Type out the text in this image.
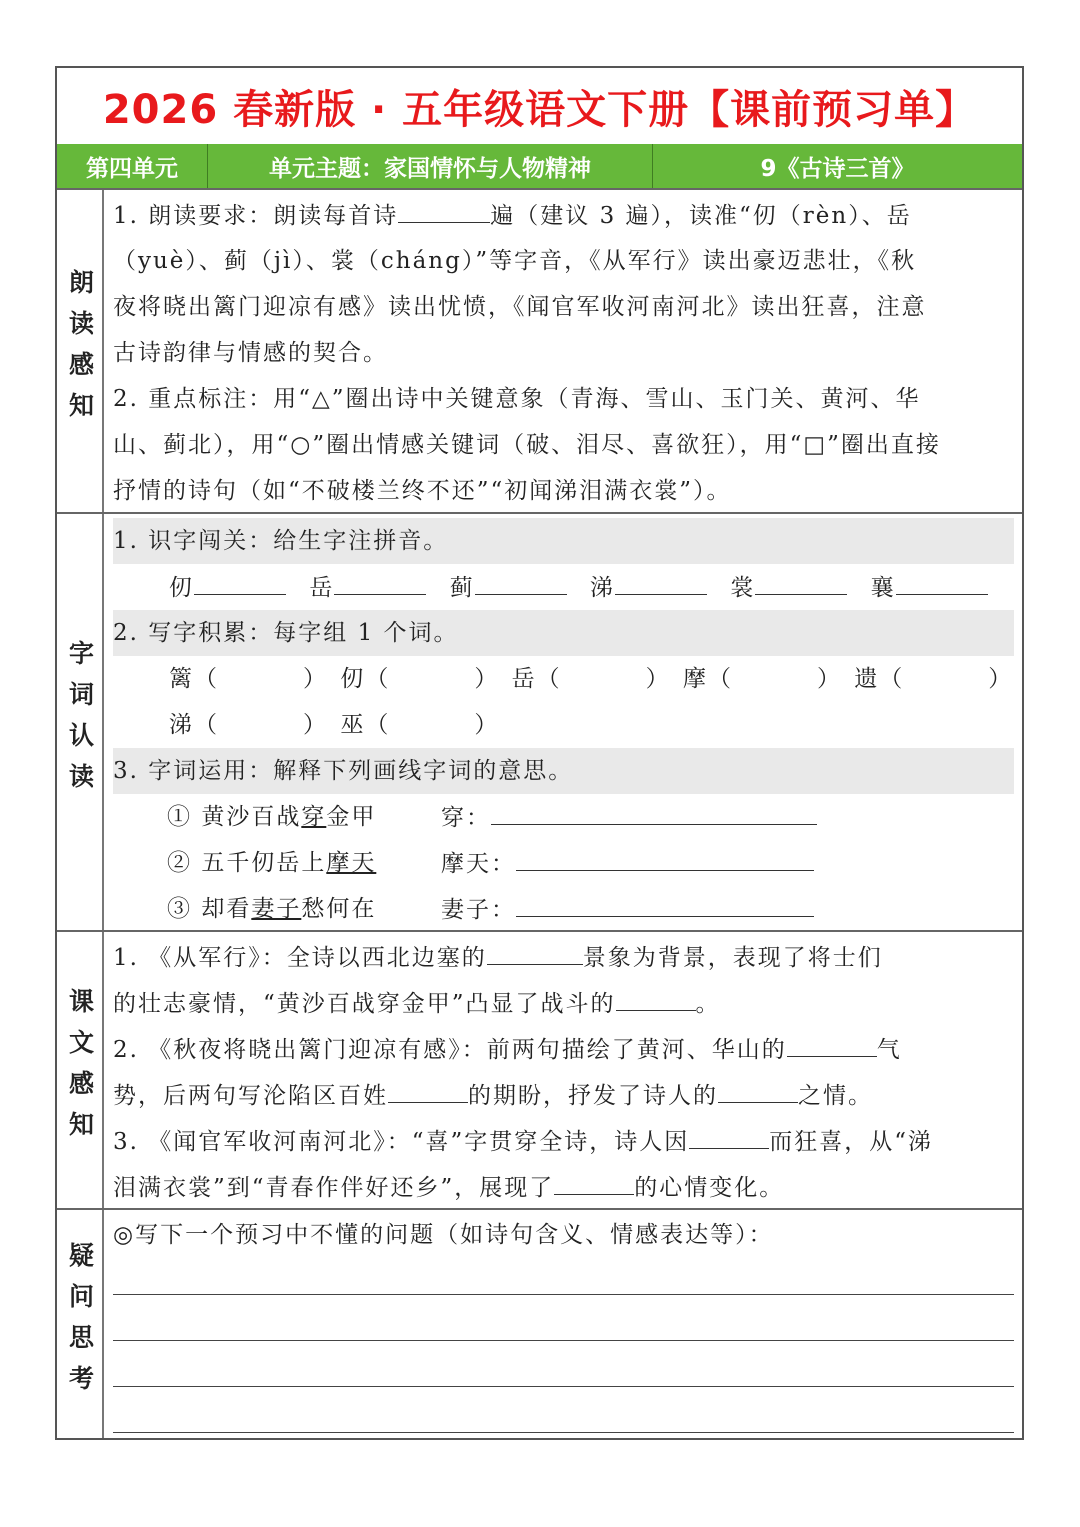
2026 春新版 · 五年级语文下册【课前预习单】
第四单元	单元主题：家国情怀与人物精神	9《古诗三首》
朗读感知
1. 朗读要求：朗读每首诗	遍（建议 3 遍），读准“仞（rèn）、岳
（yuè）、蓟（jì）、裳（cháng）”等字音，《从军行》读出豪迈悲壮，《秋
夜将晓出篱门迎凉有感》读出忧愤，《闻官军收河南河北》读出狂喜，注意
古诗韵律与情感的契合。
2. 重点标注：用“△”圈出诗中关键意象（青海、雪山、玉门关、黄河、华
山、蓟北），用“○”圈出情感关键词（破、泪尽、喜欲狂），用“□”圈出直接
抒情的诗句（如“不破楼兰终不还”“初闻涕泪满衣裳”）。
字词认读
1. 识字闯关：给生字注拼音。
仞	岳	蓟	涕	裳	襄
2. 写字积累：每字组 1 个词。
篱（	） 仞（	） 岳（	） 摩（	） 遗（	）
涕（	） 巫（	）
3. 字词运用：解释下列画线字词的意思。
① 黄沙百战穿金甲	穿：
② 五千仞岳上摩天	摩天：
③ 却看妻子愁何在	妻子：
课文感知
1. 《从军行》：全诗以西北边塞的	景象为背景，表现了将士们
的壮志豪情，“黄沙百战穿金甲”凸显了战斗的	。
2. 《秋夜将晓出篱门迎凉有感》：前两句描绘了黄河、华山的	气
势，后两句写沦陷区百姓	的期盼，抒发了诗人的	之情。
3. 《闻官军收河南河北》：“喜”字贯穿全诗，诗人因	而狂喜，从“涕
泪满衣裳”到“青春作伴好还乡”，展现了	的心情变化。
疑问思考
◎写下一个预习中不懂的问题（如诗句含义、情感表达等）：
